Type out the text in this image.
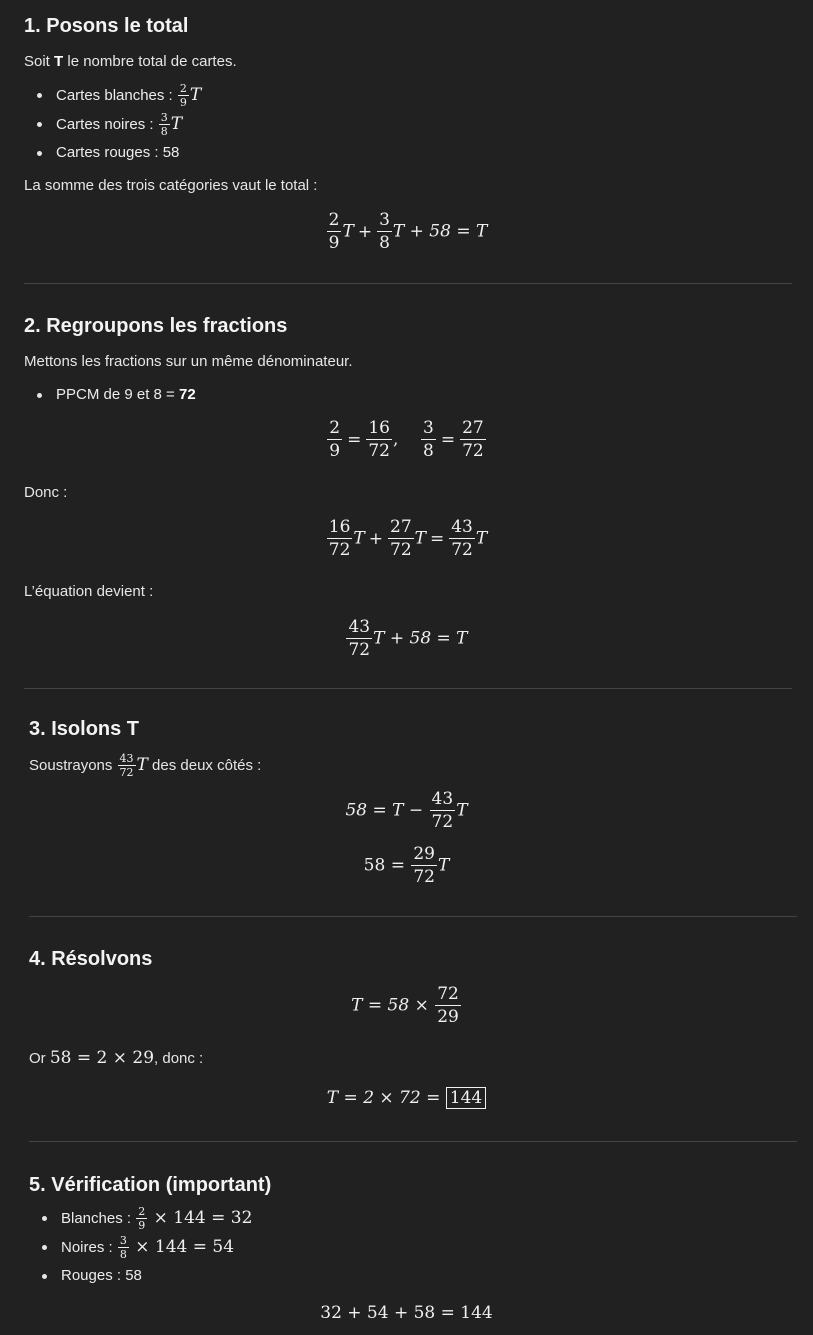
1. Posons le total
Soit T le nombre total de cartes.
Cartes blanches : $\frac{2}{9}$ T
Cartes noires : $\frac{3}{8}$ T
Cartes rouges : 58
La somme des trois catégories vaut le total :
$\frac{2}{9}$ $T + \frac{3}{8}$ T + 58 = T
2. Regroupons les fractions
Mettons les fractions sur un même dénominateur.
PPCM de 9 et 8 = 72
$\frac{2}{9} = \frac{16}{72}$ , $\frac{3}{8} = \frac{27}{72}$
Donc :
$\frac{16}{72}$ $T + \frac{27}{72}$ $T = \frac{43}{72}$ T
L’équation devient :
$\frac{43}{72}$ T + 58 = T
3. Isolons T
Soustrayons $\frac{43}{72}$ T des deux côtés :
$58 = T - \frac{43}{72}$ T
$58 = \frac{29}{72}$ T
4. Résolvons
$T = 58 \times \frac{72}{29}$
Or 58 = 2 × 29, donc :
T = 2 × 72 = 144
5. Vérification (important)
Blanches : $\frac{2}{9} \times 144 = 32$
Noires : $\frac{3}{8} \times 144 = 54$
Rouges : 58
32 + 54 + 58 = 144
